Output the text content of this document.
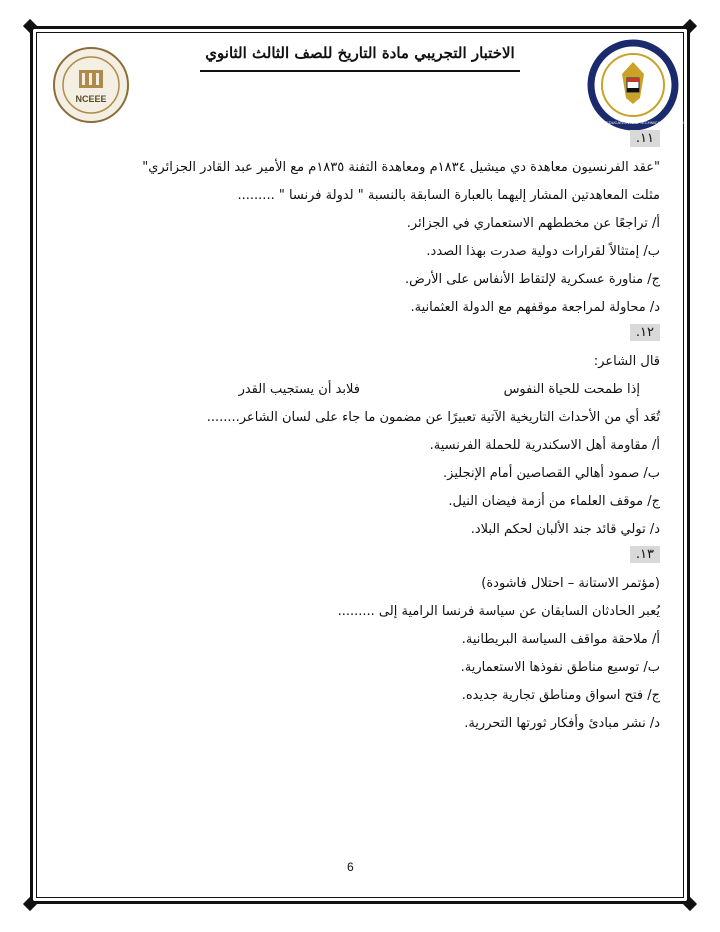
الاختبار التجريبي مادة التاريخ للصف الثالث الثانوي
NCEEE
MINISTRY OF EDUCATION AND TECHNICAL EDUCATION
١١.
"عقد الفرنسيون معاهدة دي ميشيل ١٨٣٤م ومعاهدة التفنة ١٨٣٥م مع الأمير عبد القادر الجزائري"
مثلت المعاهدتين المشار إليهما بالعبارة السابقة بالنسبة " لدولة فرنسا " .........
أ/ تراجعًا عن مخططهم الاستعماري في الجزائر.
ب/ إمتثالاً لقرارات دولية صدرت بهذا الصدد.
ج/ مناورة عسكرية لإلتقاط الأنفاس على الأرض.
د/ محاولة لمراجعة موقفهم مع الدولة العثمانية.
١٢.
قال الشاعر:
إذا طمحت للحياة النفوس
فلابد أن يستجيب القدر
تُعَد أي من الأحداث التاريخية الآتية تعبيرًا عن مضمون ما جاء على لسان الشاعر........
أ/ مقاومة أهل الاسكندرية للحملة الفرنسية.
ب/ صمود أهالي القصاصين أمام الإنجليز.
ج/ موقف العلماء من أزمة فيضان النيل.
د/ تولي قائد جند الألبان لحكم البلاد.
١٣.
(مؤتمر الاستانة – احتلال فاشودة)
يُعبر الحادثان السابقان عن سياسة فرنسا الرامية إلى .........
أ/ ملاحقة مواقف السياسة البريطانية.
ب/ توسيع مناطق نفوذها الاستعمارية.
ج/ فتح اسواق ومناطق تجارية جديده.
د/ نشر مبادئ وأفكار ثورتها التحررية.
6
